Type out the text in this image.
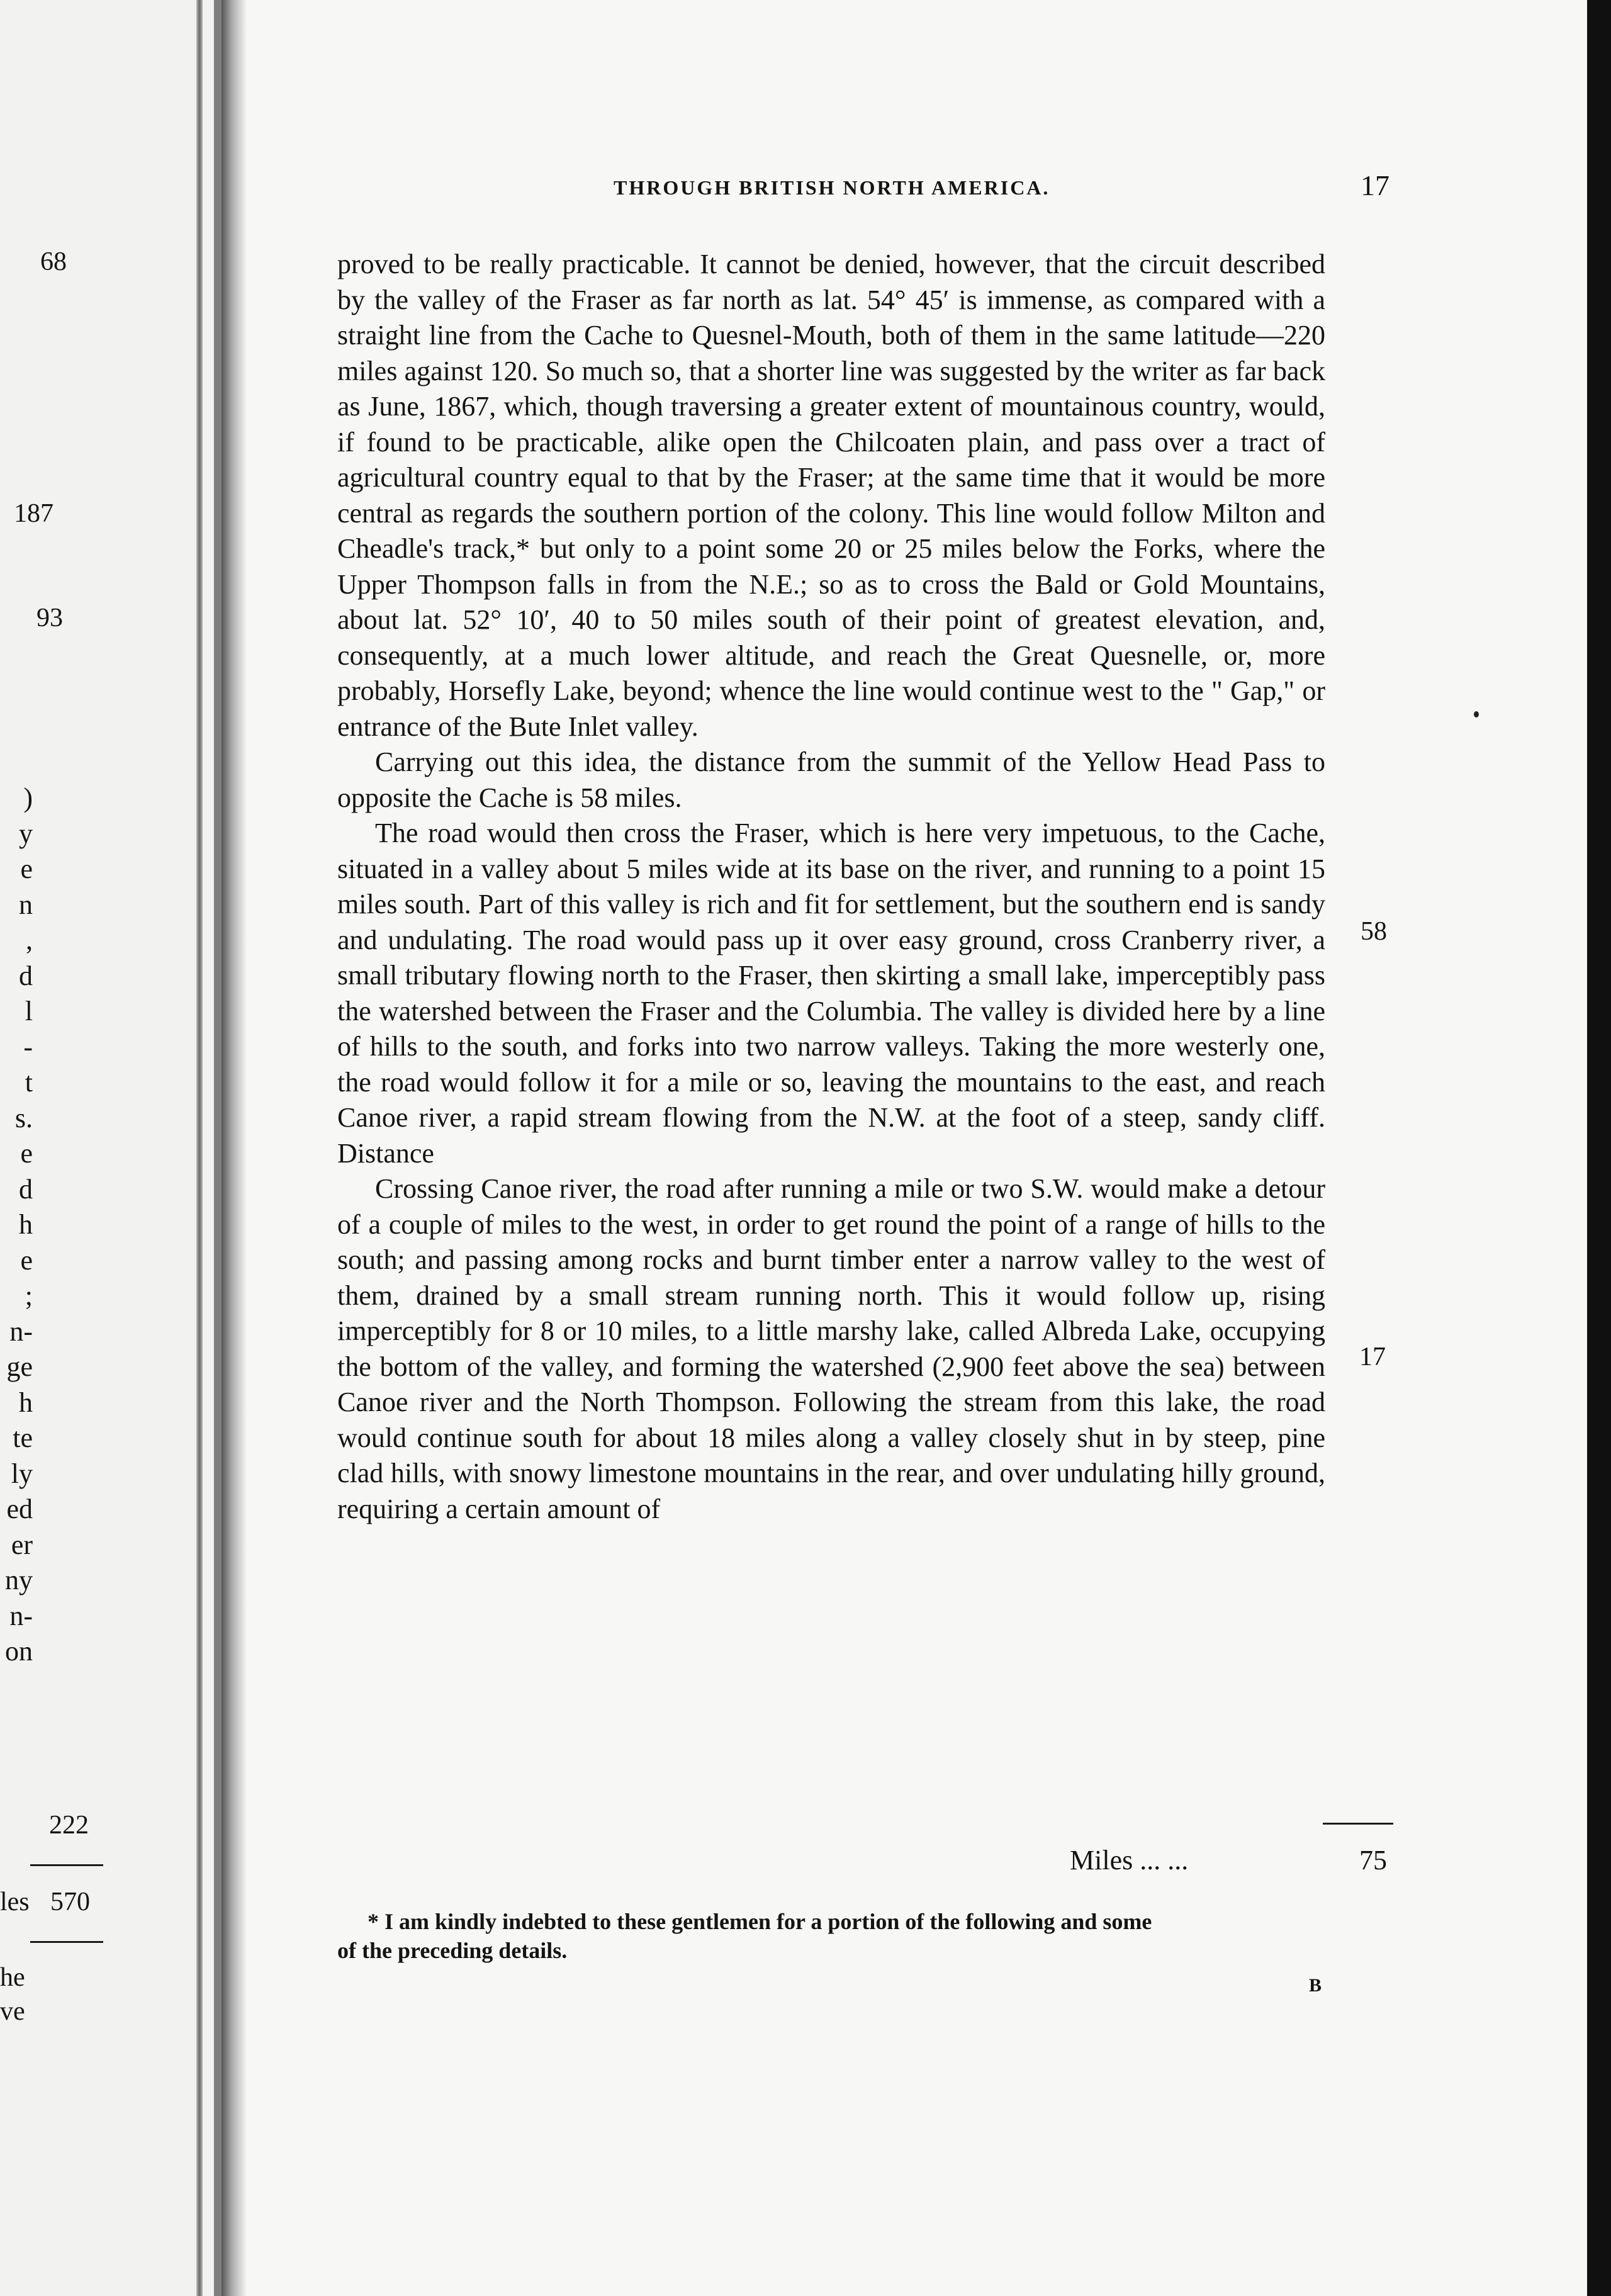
68
187
93
)
y
e
n
,
d
l
-
t
s.
e
d
h
e
;
n-
ge
h
te
ly
ed
er
ny
n-
on
222
les 570
he
ve
THROUGH BRITISH NORTH AMERICA.	17

proved to be really practicable. It cannot be denied, however, that the circuit described by the valley of the Fraser as far north as lat. 54° 45′ is immense, as compared with a straight line from the Cache to Quesnel-Mouth, both of them in the same latitude—220 miles against 120. So much so, that a shorter line was suggested by the writer as far back as June, 1867, which, though traversing a greater extent of mountainous country, would, if found to be practicable, alike open the Chilcoaten plain, and pass over a tract of agricultural country equal to that by the Fraser; at the same time that it would be more central as regards the southern portion of the colony. This line would follow Milton and Cheadle's track,* but only to a point some 20 or 25 miles below the Forks, where the Upper Thompson falls in from the N.E.; so as to cross the Bald or Gold Mountains, about lat. 52° 10′, 40 to 50 miles south of their point of greatest elevation, and, consequently, at a much lower altitude, and reach the Great Quesnelle, or, more probably, Horsefly Lake, beyond; whence the line would continue west to the " Gap," or entrance of the Bute Inlet valley.

Carrying out this idea, the distance from the summit of the Yellow Head Pass to opposite the Cache is 58 miles.

The road would then cross the Fraser, which is here very impetuous, to the Cache, situated in a valley about 5 miles wide at its base on the river, and running to a point 15 miles south. Part of this valley is rich and fit for settlement, but the southern end is sandy and undulating. The road would pass up it over easy ground, cross Cranberry river, a small tributary flowing north to the Fraser, then skirting a small lake, imperceptibly pass the watershed between the Fraser and the Columbia. The valley is divided here by a line of hills to the south, and forks into two narrow valleys. Taking the more westerly one, the road would follow it for a mile or so, leaving the mountains to the east, and reach Canoe river, a rapid stream flowing from the N.W. at the foot of a steep, sandy cliff. Distance

Crossing Canoe river, the road after running a mile or two S.W. would make a detour of a couple of miles to the west, in order to get round the point of a range of hills to the south; and passing among rocks and burnt timber enter a narrow valley to the west of them, drained by a small stream running north. This it would follow up, rising imperceptibly for 8 or 10 miles, to a little marshy lake, called Albreda Lake, occupying the bottom of the valley, and forming the watershed (2,900 feet above the sea) between Canoe river and the North Thompson. Following the stream from this lake, the road would continue south for about 18 miles along a valley closely shut in by steep, pine clad hills, with snowy limestone mountains in the rear, and over undulating hilly ground, requiring a certain amount of

58
17
Miles ... ...	75
* I am kindly indebted to these gentlemen for a portion of the following and some
of the preceding details.
B
